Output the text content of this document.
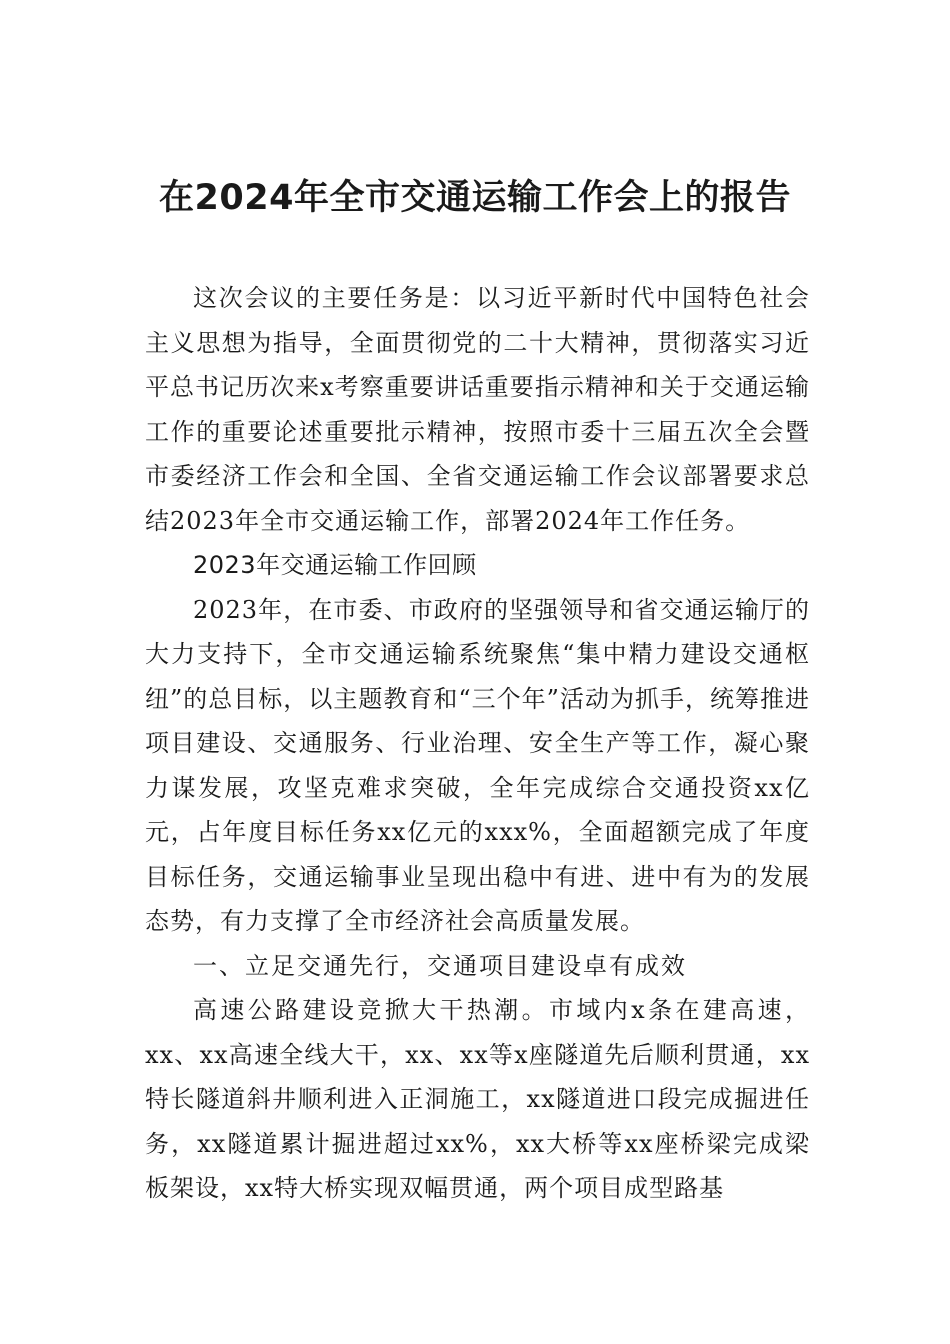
在2024年全市交通运输工作会上的报告

这次会议的主要任务是：以习近平新时代中国特色社会主义思想为指导，全面贯彻党的二十大精神，贯彻落实习近平总书记历次来x考察重要讲话重要指示精神和关于交通运输工作的重要论述重要批示精神，按照市委十三届五次全会暨市委经济工作会和全国、全省交通运输工作会议部署要求总结2023年全市交通运输工作，部署2024年工作任务。

2023年交通运输工作回顾

2023年，在市委、市政府的坚强领导和省交通运输厅的大力支持下，全市交通运输系统聚焦“集中精力建设交通枢纽”的总目标，以主题教育和“三个年”活动为抓手，统筹推进项目建设、交通服务、行业治理、安全生产等工作，凝心聚力谋发展，攻坚克难求突破，全年完成综合交通投资xx亿元，占年度目标任务xx亿元的xxx%，全面超额完成了年度目标任务，交通运输事业呈现出稳中有进、进中有为的发展态势，有力支撑了全市经济社会高质量发展。

一、立足交通先行，交通项目建设卓有成效

高速公路建设竞掀大干热潮。市域内x条在建高速，xx、xx高速全线大干，xx、xx等x座隧道先后顺利贯通，xx特长隧道斜井顺利进入正洞施工，xx隧道进口段完成掘进任务，xx隧道累计掘进超过xx%，xx大桥等xx座桥梁完成梁板架设，xx特大桥实现双幅贯通，两个项目成型路基
